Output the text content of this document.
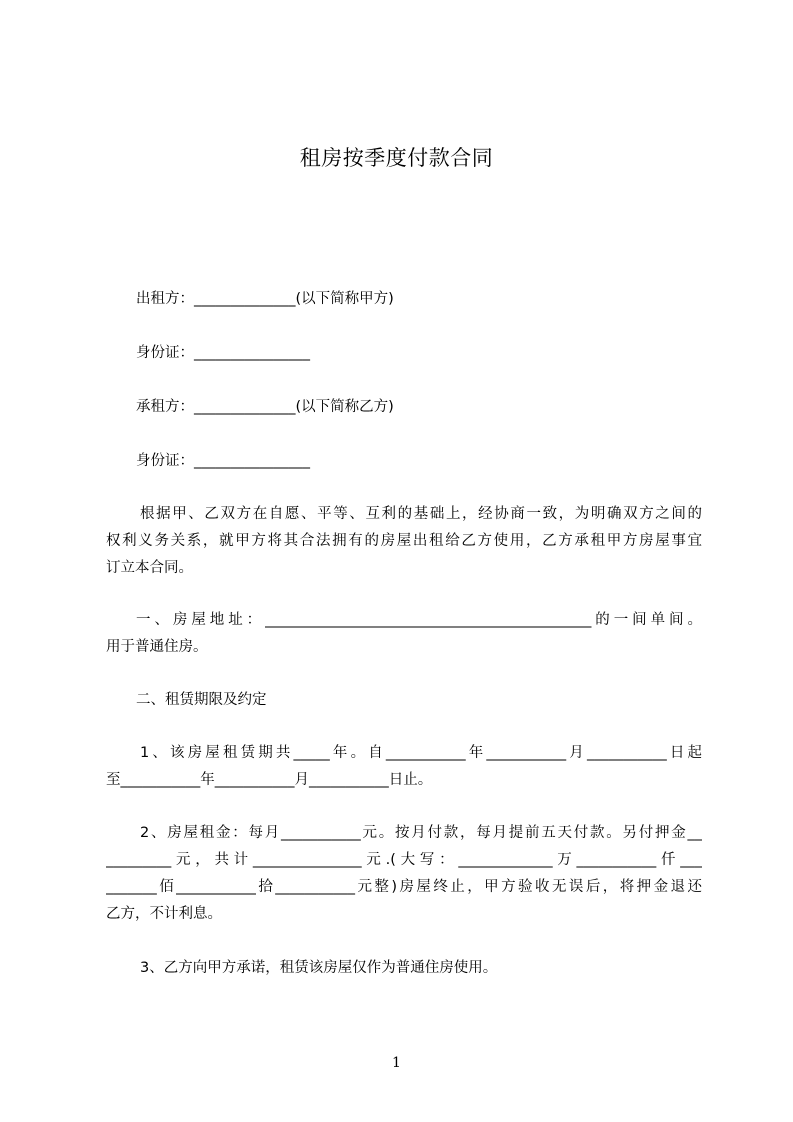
租房按季度付款合同
出租方：______________(以下简称甲方)
身份证：________________
承租方：______________(以下简称乙方)
身份证：________________
根据甲、乙双方在自愿、平等、互利的基础上，经协商一致，为明确双方之间的
权利义务关系，就甲方将其合法拥有的房屋出租给乙方使用，乙方承租甲方房屋事宜
订立本合同。
一、房屋地址：_____________________________________________的一间单间。
用于普通住房。
二、租赁期限及约定
1、该房屋租赁期共_____年。自___________年___________月___________日起
至___________年___________月___________日止。
2、房屋租金：每月___________元。按月付款，每月提前五天付款。另付押金__
_________元，共计_______________元.(大写：_____________万___________仟___
_______佰___________拾___________元整)房屋终止，甲方验收无误后，将押金退还
乙方，不计利息。
3、乙方向甲方承诺，租赁该房屋仅作为普通住房使用。
1
